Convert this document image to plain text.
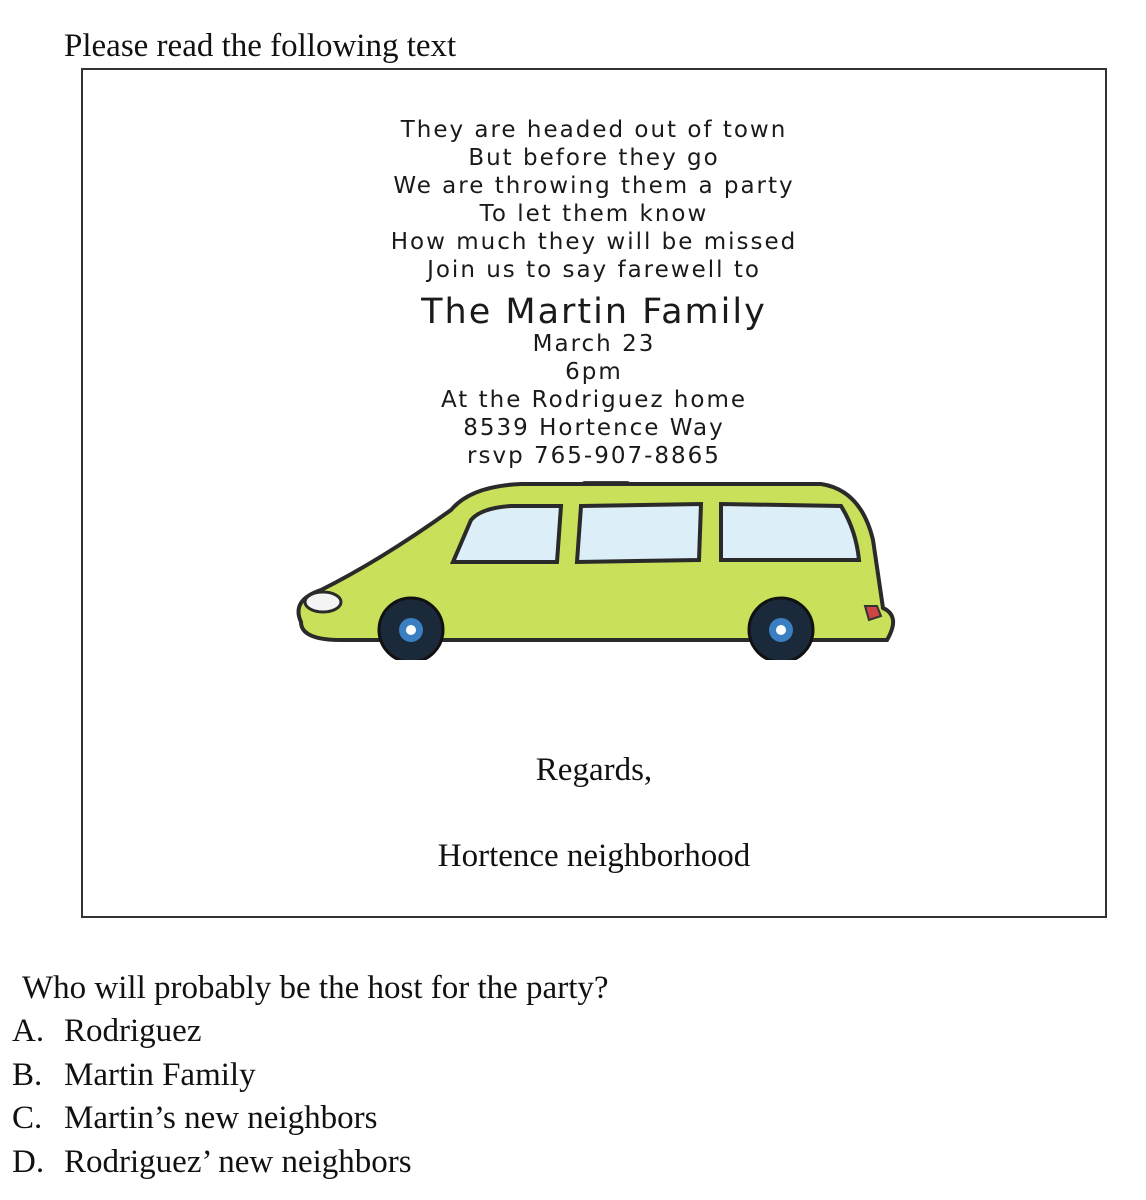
Please read the following text
They are headed out of town
But before they go
We are throwing them a party
To let them know
How much they will be missed
Join us to say farewell to
The Martin Family
March 23
6pm
At the Rodriguez home
8539 Hortence Way
rsvp 765-907-8865
Regards,
Hortence neighborhood
Who will probably be the host for the party?
A. Rodriguez
B. Martin Family
C. Martin’s new neighbors
D. Rodriguez’ new neighbors
